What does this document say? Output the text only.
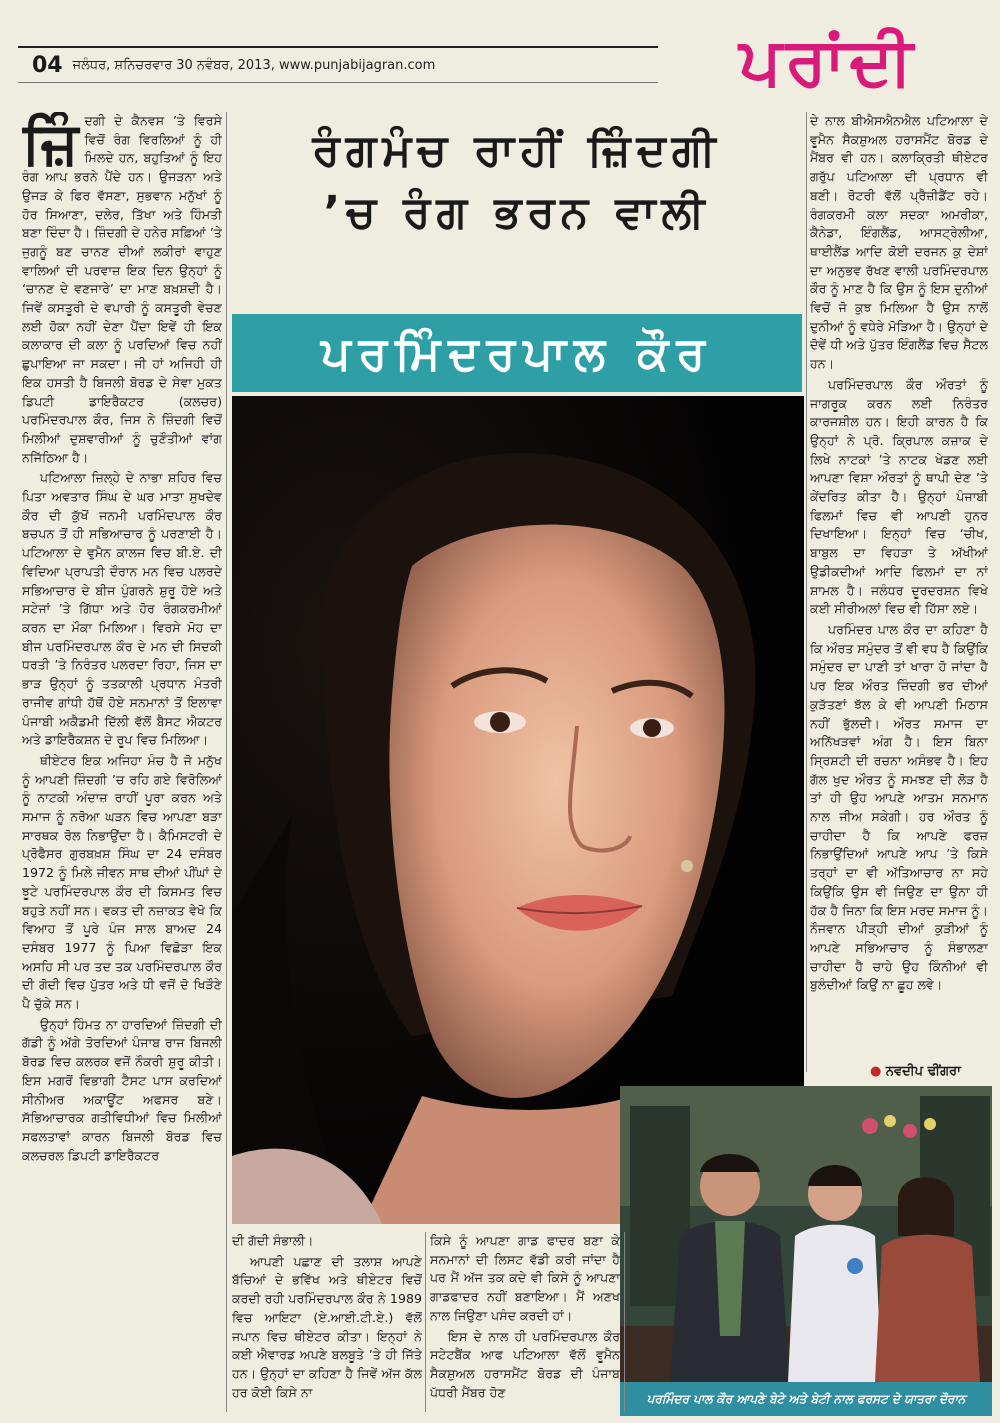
04 ਜਲੰਧਰ, ਸ਼ਨਿਚਰਵਾਰ 30 ਨਵੰਬਰ, 2013, www.punjabijagran.com	ਪਰਾਂਦੀ

ਜ਼ਿੰਦਗੀ ਦੇ ਕੈਨਵਸ ’ਤੇ ਵਿਰਸੇ ਵਿਚੋਂ ਰੰਗ ਵਿਰਲਿਆਂ ਨੂੰ ਹੀ ਮਿਲਦੇ ਹਨ, ਬਹੁਤਿਆਂ ਨੂੰ ਇਹ ਰੰਗ ਆਪ ਭਰਨੇ ਪੈਂਦੇ ਹਨ। ਉਜੜਨਾ ਅਤੇ ਉਜੜ ਕੇ ਫਿਰ ਵੱਸਣਾ, ਸੁਭਵਾਨ ਮਨੁੱਖਾਂ ਨੂੰ ਹੋਰ ਸਿਆਣਾ, ਦਲੇਰ, ਤਿੱਖਾ ਅਤੇ ਹਿੰਮਤੀ ਬਣਾ ਦਿੰਦਾ ਹੈ। ਜ਼ਿੰਦਗੀ ਦੇ ਹਨੇਰ ਸਫ਼ਿਆਂ ’ਤੇ ਜੁਗਨੂੰ ਬਣ ਚਾਨਣ ਦੀਆਂ ਲਕੀਰਾਂ ਵਾਹੁਣ ਵਾਲਿਆਂ ਦੀ ਪਰਵਾਜ਼ ਇਕ ਦਿਨ ਉਨ੍ਹਾਂ ਨੂੰ ‘ਚਾਨਣ ਦੇ ਵਣਜਾਰੇ’ ਦਾ ਮਾਣ ਬਖ਼ਸ਼ਦੀ ਹੈ। ਜਿਵੇਂ ਕਸਤੂਰੀ ਦੇ ਵਪਾਰੀ ਨੂੰ ਕਸਤੂਰੀ ਵੇਚਣ ਲਈ ਹੋਕਾ ਨਹੀਂ ਦੇਣਾ ਪੈਂਦਾ ਇਵੇਂ ਹੀ ਇਕ ਕਲਾਕਾਰ ਦੀ ਕਲਾ ਨੂੰ ਪਰਦਿਆਂ ਵਿਚ ਨਹੀਂ ਛੁਪਾਇਆ ਜਾ ਸਕਦਾ। ਜੀ ਹਾਂ ਅਜਿਹੀ ਹੀ ਇਕ ਹਸਤੀ ਹੈ ਬਿਜਲੀ ਬੋਰਡ ਦੇ ਸੇਵਾ ਮੁਕਤ ਡਿਪਟੀ ਡਾਇਰੈਕਟਰ (ਕਲਚਰ) ਪਰਮਿੰਦਰਪਾਲ ਕੌਰ, ਜਿਸ ਨੇ ਜ਼ਿੰਦਗੀ ਵਿਚੋਂ ਮਿਲੀਆਂ ਦੁਸ਼ਵਾਰੀਆਂ ਨੂੰ ਚੁਣੌਤੀਆਂ ਵਾਂਗ ਨਜਿੱਠਿਆ ਹੈ।

ਪਟਿਆਲਾ ਜ਼ਿਲ੍ਹੇ ਦੇ ਨਾਭਾ ਸ਼ਹਿਰ ਵਿਚ ਪਿਤਾ ਅਵਤਾਰ ਸਿੰਘ ਦੇ ਘਰ ਮਾਤਾ ਸੁਖਦੇਵ ਕੌਰ ਦੀ ਕੁੱਖੋਂ ਜਨਮੀ ਪਰਮਿੰਦਪਾਲ ਕੌਰ ਬਚਪਨ ਤੋਂ ਹੀ ਸਭਿਆਚਾਰ ਨੂੰ ਪਰਣਾਈ ਹੈ। ਪਟਿਆਲਾ ਦੇ ਵੁਮੈਨ ਕਾਲਜ ਵਿਚ ਬੀ.ਏ. ਦੀ ਵਿਦਿਆ ਪ੍ਰਾਪਤੀ ਦੌਰਾਨ ਮਨ ਵਿਚ ਪਲਰਦੇ ਸਭਿਆਚਾਰ ਦੇ ਬੀਜ ਪੁੰਗਰਨੇ ਸ਼ੁਰੂ ਹੋਏ ਅਤੇ ਸਟੇਜਾਂ ’ਤੇ ਗਿੱਧਾ ਅਤੇ ਹੋਰ ਰੰਗਕਰਮੀਆਂ ਕਰਨ ਦਾ ਮੌਕਾ ਮਿਲਿਆ। ਵਿਰਸੇ ਮੋਹ ਦਾ ਬੀਜ ਪਰਮਿੰਦਰਪਾਲ ਕੌਰ ਦੇ ਮਨ ਦੀ ਸਿਦਕੀ ਧਰਤੀ ’ਤੇ ਨਿਰੰਤਰ ਪਲਰਦਾ ਰਿਹਾ, ਜਿਸ ਦਾ ਭਾੜ ਉਨ੍ਹਾਂ ਨੂੰ ਤਤਕਾਲੀ ਪ੍ਰਧਾਨ ਮੰਤਰੀ ਰਾਜੀਵ ਗਾਂਧੀ ਹੱਥੋਂ ਹੋਏ ਸਨਮਾਨਾਂ ਤੋਂ ਇਲਾਵਾ ਪੰਜਾਬੀ ਅਕੈਡਮੀ ਦਿੱਲੀ ਵੱਲੋਂ ਬੈਸਟ ਐਕਟਰ ਅਤੇ ਡਾਇਰੈਕਸ਼ਨ ਦੇ ਰੂਪ ਵਿਚ ਮਿਲਿਆ।

ਥੀਏਟਰ ਇਕ ਅਜਿਹਾ ਮੰਚ ਹੈ ਜੋ ਮਨੁੱਖ ਨੂੰ ਆਪਣੀ ਜ਼ਿੰਦਗੀ ’ਚ ਰਹਿ ਗਏ ਵਿਰੋਲਿਆਂ ਨੂੰ ਨਾਟਕੀ ਅੰਦਾਜ਼ ਰਾਹੀਂ ਪੂਰਾ ਕਰਨ ਅਤੇ ਸਮਾਜ ਨੂੰ ਨਰੋਆ ਘੜਨ ਵਿਚ ਆਪਣਾ ਬੜਾ ਸਾਰਥਕ ਰੋਲ ਨਿਭਾਉਂਦਾ ਹੈ। ਕੈਮਿਸਟਰੀ ਦੇ ਪ੍ਰੋਫੈਸਰ ਗੁਰਬਖ਼ਸ਼ ਸਿੰਘ ਦਾ 24 ਦਸੰਬਰ 1972 ਨੂੰ ਮਿਲੇ ਜੀਵਨ ਸਾਥ ਦੀਆਂ ਪੀਂਘਾਂ ਦੇ ਝੂਟੇ ਪਰਮਿੰਦਰਪਾਲ ਕੌਰ ਦੀ ਕਿਸਮਤ ਵਿਚ ਬਹੁਤੇ ਨਹੀਂ ਸਨ। ਵਕਤ ਦੀ ਨਜ਼ਾਕਤ ਵੇਖੋ ਕਿ ਵਿਆਹ ਤੋਂ ਪੂਰੇ ਪੰਜ ਸਾਲ ਬਾਅਦ 24 ਦਸੰਬਰ 1977 ਨੂੰ ਪਿਆ ਵਿਛੋੜਾ ਇਕ ਅਸਹਿ ਸੀ ਪਰ ਤਦ ਤਕ ਪਰਮਿੰਦਰਪਾਲ ਕੌਰ ਦੀ ਗੋਦੀ ਵਿਚ ਪੁੱਤਰ ਅਤੇ ਧੀ ਵਜੋਂ ਦੋ ਖਿੜੌਣੇ ਪੈ ਚੁੱਕੇ ਸਨ।

ਉਨ੍ਹਾਂ ਹਿੰਮਤ ਨਾ ਹਾਰਦਿਆਂ ਜ਼ਿੰਦਗੀ ਦੀ ਗੱਡੀ ਨੂੰ ਅੱਗੇ ਤੋਰਦਿਆਂ ਪੰਜਾਬ ਰਾਜ ਬਿਜਲੀ ਬੋਰਡ ਵਿਚ ਕਲਰਕ ਵਜੋਂ ਨੌਕਰੀ ਸ਼ੁਰੂ ਕੀਤੀ। ਇਸ ਮਗਰੋਂ ਵਿਭਾਗੀ ਟੈਸਟ ਪਾਸ ਕਰਦਿਆਂ ਸੀਨੀਅਰ ਅਕਾਊਂਟ ਅਫਸਰ ਬਣੇ। ਸੱਭਿਆਚਾਰਕ ਗਤੀਵਿਧੀਆਂ ਵਿਚ ਮਿਲੀਆਂ ਸਫਲਤਾਵਾਂ ਕਾਰਨ ਬਿਜਲੀ ਬੋਰਡ ਵਿਚ ਕਲਚਰਲ ਡਿਪਟੀ ਡਾਇਰੈਕਟਰ

ਰੰਗਮੰਚ ਰਾਹੀਂ ਜ਼ਿੰਦਗੀ
’ਚ ਰੰਗ ਭਰਨ ਵਾਲੀ
ਪਰਮਿੰਦਰਪਾਲ ਕੌਰ

ਦੀ ਗੱਦੀ ਸੰਭਾਲੀ।

ਆਪਣੀ ਪਛਾਣ ਦੀ ਤਲਾਸ਼ ਆਪਣੇ ਬੱਚਿਆਂ ਦੇ ਭਵਿੱਖ ਅਤੇ ਥੀਏਟਰ ਵਿਚੋਂ ਕਰਦੀ ਰਹੀ ਪਰਮਿੰਦਰਪਾਲ ਕੌਰ ਨੇ 1989 ਵਿਚ ਆਇਟਾ (ਏ.ਆਈ.ਟੀ.ਏ.) ਵੱਲੋਂ ਜਪਾਨ ਵਿਚ ਥੀਏਟਰ ਕੀਤਾ। ਇਨ੍ਹਾਂ ਨੇ ਕਈ ਐਵਾਰਡ ਅਪਣੇ ਬਲਬੂਤੇ ’ਤੇ ਹੀ ਜਿੱਤੇ ਹਨ। ਉਨ੍ਹਾਂ ਦਾ ਕਹਿਣਾ ਹੈ ਜਿਵੇਂ ਅੱਜ ਕੱਲ ਹਰ ਕੋਈ ਕਿਸੇ ਨਾ

ਕਿਸੇ ਨੂੰ ਆਪਣਾ ਗਾਡ ਫਾਦਰ ਬਣਾ ਕੇ ਸਨਮਾਨਾਂ ਦੀ ਲਿਸਟ ਵੱਡੀ ਕਰੀ ਜਾਂਦਾ ਹੈ ਪਰ ਮੈਂ ਅੱਜ ਤਕ ਕਦੇ ਵੀ ਕਿਸੇ ਨੂੰ ਆਪਣਾ ਗਾਡਫਾਦਰ ਨਹੀਂ ਬਣਾਇਆ। ਮੈਂ ਅਣਖ ਨਾਲ ਜਿਉਣਾ ਪਸੰਦ ਕਰਦੀ ਹਾਂ।

ਇਸ ਦੇ ਨਾਲ ਹੀ ਪਰਮਿੰਦਰਪਾਲ ਕੌਰ ਸਟੇਟਬੈਂਕ ਆਫ ਪਟਿਆਲਾ ਵੱਲੋਂ ਵੂਮੈਨ ਸੈਕਸ਼ੁਅਲ ਹਰਾਸਮੈਂਟ ਬੋਰਡ ਦੀ ਪੰਜਾਬ ਪੱਧਰੀ ਮੈਂਬਰ ਹੋਣ

ਦੇ ਨਾਲ ਬੀਐਸਐਨਐਲ ਪਟਿਆਲਾ ਦੇ ਵੂਮੈਨ ਸੈਕਸ਼ੁਅਲ ਹਰਾਸਮੈਂਟ ਬੋਰਡ ਦੇ ਮੈਂਬਰ ਵੀ ਹਨ। ਕਲਾਕ੍ਰਿਤੀ ਥੀਏਟਰ ਗਰੁੱਪ ਪਟਿਆਲਾ ਦੀ ਪ੍ਰਧਾਨ ਵੀ ਬਣੀ। ਰੋਟਰੀ ਵੱਲੋਂ ਪ੍ਰੈਜ਼ੀਡੈਂਟ ਰਹੇ। ਰੰਗਕਰਮੀ ਕਲਾ ਸਦਕਾ ਅਮਰੀਕਾ, ਕੈਨੇਡਾ, ਇੰਗਲੈਂਡ, ਆਸਟ੍ਰੇਲੀਆ, ਥਾਈਲੈਂਡ ਆਦਿ ਕੋਈ ਦਰਜਨ ਕੁ ਦੇਸ਼ਾਂ ਦਾ ਅਨੁਭਵ ਰੱਖਣ ਵਾਲੀ ਪਰਮਿੰਦਰਪਾਲ ਕੌਰ ਨੂੰ ਮਾਣ ਹੈ ਕਿ ਉਸ ਨੂੰ ਇਸ ਦੁਨੀਆਂ ਵਿਚੋਂ ਜੋ ਕੁਝ ਮਿਲਿਆ ਹੈ ਉਸ ਨਾਲੋਂ ਦੁਨੀਆਂ ਨੂੰ ਵਧੇਰੇ ਮੋੜਿਆ ਹੈ। ਉਨ੍ਹਾਂ ਦੇ ਦੋਵੇਂ ਧੀ ਅਤੇ ਪੁੱਤਰ ਇੰਗਲੈਂਡ ਵਿਚ ਸੈਟਲ ਹਨ।

ਪਰਮਿੰਦਰਪਾਲ ਕੌਰ ਔਰਤਾਂ ਨੂੰ ਜਾਗਰੂਕ ਕਰਨ ਲਈ ਨਿਰੰਤਰ ਕਾਰਜਸ਼ੀਲ ਹਨ। ਇਹੀ ਕਾਰਨ ਹੈ ਕਿ ਉਨ੍ਹਾਂ ਨੇ ਪ੍ਰੋ. ਕ੍ਰਿਪਾਲ ਕਜ਼ਾਕ ਦੇ ਲਿਖੇ ਨਾਟਕਾਂ ’ਤੇ ਨਾਟਕ ਖੇਡਣ ਲਈ ਆਪਣਾ ਵਿਸ਼ਾ ਔਰਤਾਂ ਨੂੰ ਥਾਪੀ ਦੇਣ ’ਤੇ ਕੇਂਦਰਿਤ ਕੀਤਾ ਹੈ। ਉਨ੍ਹਾਂ ਪੰਜਾਬੀ ਫਿਲਮਾਂ ਵਿਚ ਵੀ ਆਪਣੀ ਹੁਨਰ ਦਿਖਾਇਆ। ਇਨ੍ਹਾਂ ਵਿਚ ‘ਚੀਖ, ਬਾਬੁਲ ਦਾ ਵਿਹੜਾ ਤੇ ਅੱਖੀਆਂ ਉਡੀਕਦੀਆਂ ਆਦਿ ਫਿਲਮਾਂ ਦਾ ਨਾਂ ਸ਼ਾਮਲ ਹੈ। ਜਲੰਧਰ ਦੂਰਦਰਸ਼ਨ ਵਿਖੇ ਕਈ ਸੀਰੀਅਲਾਂ ਵਿਚ ਵੀ ਹਿੱਸਾ ਲਏ।

ਪਰਮਿੰਦਰ ਪਾਲ ਕੌਰ ਦਾ ਕਹਿਣਾ ਹੈ ਕਿ ਔਰਤ ਸਮੁੰਦਰ ਤੋਂ ਵੀ ਵਧ ਹੈ ਕਿਉਂਕਿ ਸਮੁੰਦਰ ਦਾ ਪਾਣੀ ਤਾਂ ਖਾਰਾ ਹੋ ਜਾਂਦਾ ਹੈ ਪਰ ਇਕ ਔਰਤ ਜ਼ਿੰਦਗੀ ਭਰ ਦੀਆਂ ਕੁੜੱਤਣਾਂ ਝੱਲ ਕੇ ਵੀ ਆਪਣੀ ਮਿਠਾਸ ਨਹੀਂ ਭੁੱਲਦੀ। ਔਰਤ ਸਮਾਜ ਦਾ ਅਨਿੱਖੜਵਾਂ ਅੰਗ ਹੈ। ਇਸ ਬਿਨਾ ਸ੍ਰਿਸ਼ਟੀ ਦੀ ਰਚਨਾ ਅਸੰਭਵ ਹੈ। ਇਹ ਗੱਲ ਖੁਦ ਔਰਤ ਨੂੰ ਸਮਝਣ ਦੀ ਲੋੜ ਹੈ ਤਾਂ ਹੀ ਉਹ ਆਪਣੇ ਆਤਮ ਸਨਮਾਨ ਨਾਲ ਜੀਅ ਸਕੇਗੀ। ਹਰ ਔਰਤ ਨੂੰ ਚਾਹੀਦਾ ਹੈ ਕਿ ਆਪਣੇ ਫਰਜ਼ ਨਿਭਾਉਂਦਿਆਂ ਆਪਣੇ ਆਪ ’ਤੇ ਕਿਸੇ ਤਰ੍ਹਾਂ ਦਾ ਵੀ ਅੱਤਿਆਚਾਰ ਨਾ ਸਹੇ ਕਿਉਂਕਿ ਉਸ ਵੀ ਜਿਉਣ ਦਾ ਉਨਾ ਹੀ ਹੱਕ ਹੈ ਜਿਨਾ ਕਿ ਇਸ ਮਰਦ ਸਮਾਜ ਨੂੰ। ਨੌਜਵਾਨ ਪੀੜ੍ਹੀ ਦੀਆਂ ਕੁੜੀਆਂ ਨੂੰ ਆਪਣੇ ਸਭਿਆਚਾਰ ਨੂੰ ਸੰਭਾਲਣਾ ਚਾਹੀਦਾ ਹੈ ਚਾਹੇ ਉਹ ਕਿੰਨੀਆਂ ਵੀ ਬੁਲੰਦੀਆਂ ਕਿਉਂ ਨਾ ਛੂਹ ਲਵੇ।

● ਨਵਦੀਪ ਢੀਂਗਰਾ
ਪਰਮਿੰਦਰ ਪਾਲ ਕੌਰ ਆਪਣੇ ਬੇਟੇ ਅਤੇ ਬੇਟੀ ਨਾਲ ਫਰਸਟ ਦੇ ਯਾਤਰਾ ਦੌਰਾਨ
